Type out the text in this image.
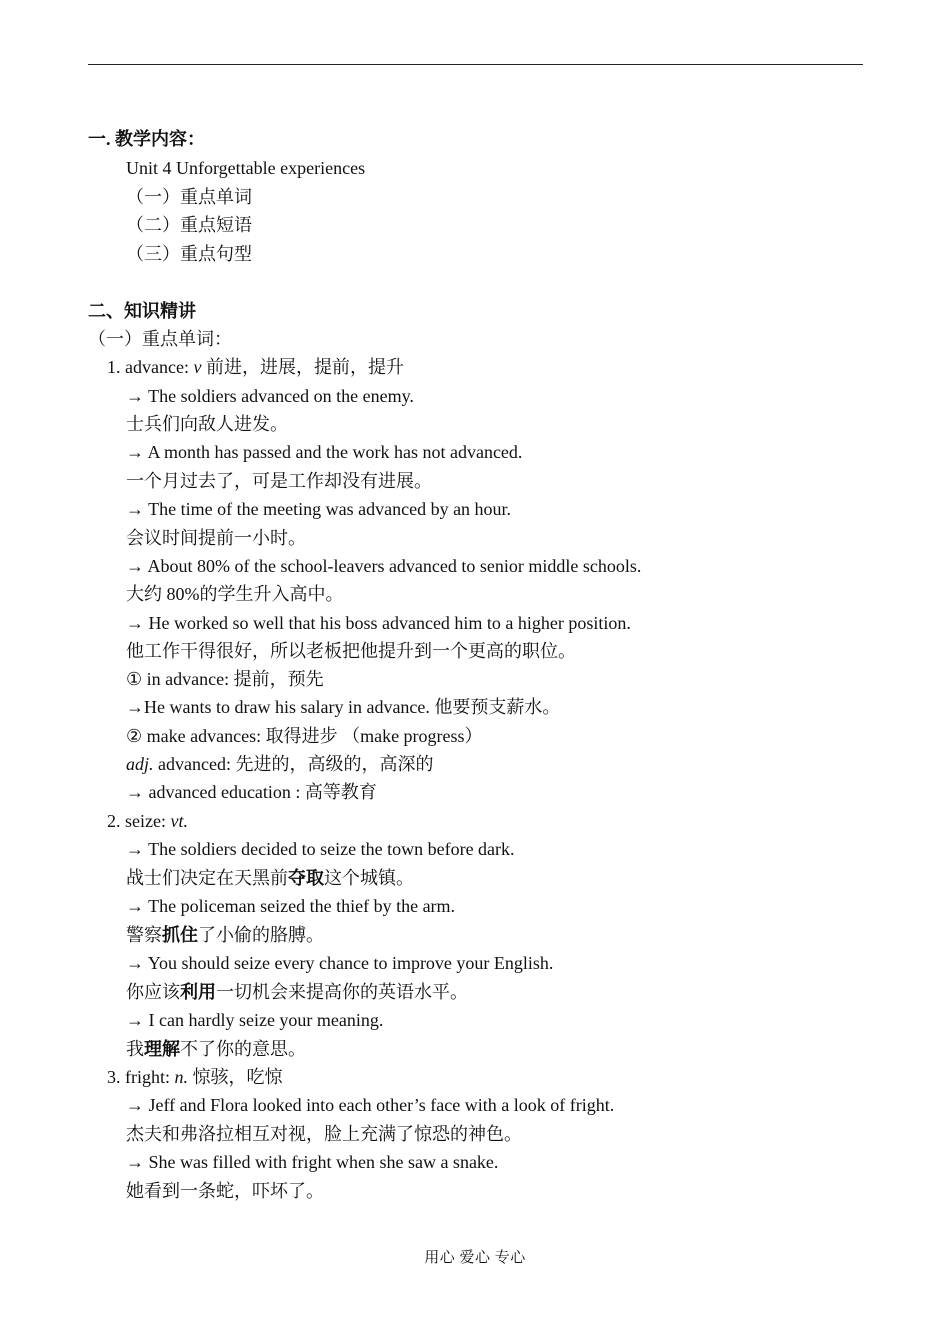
一. 教学内容：
Unit 4 Unforgettable experiences
（一）重点单词
（二）重点短语
（三）重点句型
二、知识精讲
（一）重点单词：
1. advance: v 前进，进展，提前，提升
→ The soldiers advanced on the enemy.
士兵们向敌人进发。
→ A month has passed and the work has not advanced.
一个月过去了，可是工作却没有进展。
→ The time of the meeting was advanced by an hour.
会议时间提前一小时。
→ About 80% of the school-leavers advanced to senior middle schools.
大约 80%的学生升入高中。
→ He worked so well that his boss advanced him to a higher position.
他工作干得很好，所以老板把他提升到一个更高的职位。
① in advance: 提前，预先
→He wants to draw his salary in advance. 他要预支薪水。
② make advances: 取得进步 （make progress）
adj. advanced: 先进的，高级的，高深的
→ advanced education : 高等教育
2. seize: vt.
→ The soldiers decided to seize the town before dark.
战士们决定在天黑前夺取这个城镇。
→ The policeman seized the thief by the arm.
警察抓住了小偷的胳膊。
→ You should seize every chance to improve your English.
你应该利用一切机会来提高你的英语水平。
→ I can hardly seize your meaning.
我理解不了你的意思。
3. fright: n. 惊骇，吃惊
→ Jeff and Flora looked into each other’s face with a look of fright.
杰夫和弗洛拉相互对视，脸上充满了惊恐的神色。
→ She was filled with fright when she saw a snake.
她看到一条蛇，吓坏了。
用心 爱心 专心
